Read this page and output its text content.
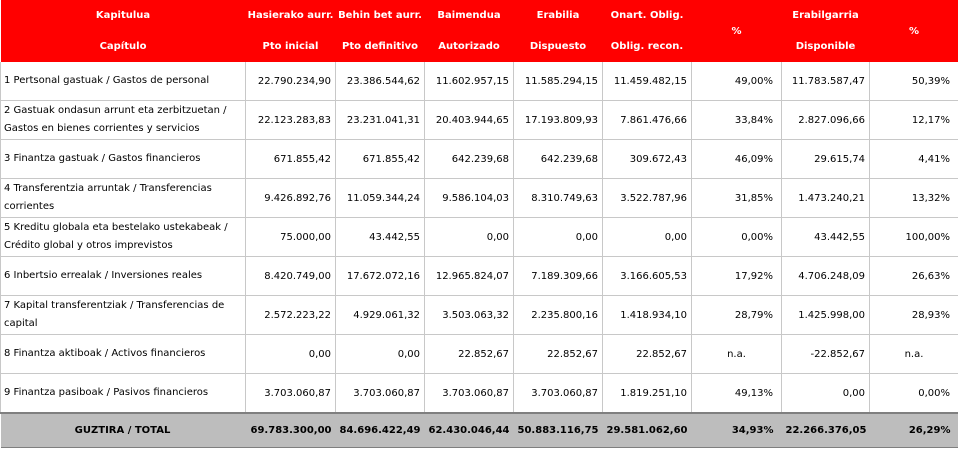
Kapitulua	Hasierako aurr.	Behin bet aurr.	Baimendua	Erabilia	Onart. Oblig.	%	Erabilgarria	%
Capítulo	Pto inicial	Pto definitivo	Autorizado	Dispuesto	Oblig. recon.		Disponible	
1 Pertsonal gastuak / Gastos de personal	22.790.234,90	23.386.544,62	11.602.957,15	11.585.294,15	11.459.482,15	49,00%	11.783.587,47	50,39%
2 Gastuak ondasun arrunt eta zerbitzuetan / Gastos en bienes corrientes y servicios	22.123.283,83	23.231.041,31	20.403.944,65	17.193.809,93	7.861.476,66	33,84%	2.827.096,66	12,17%
3 Finantza gastuak / Gastos financieros	671.855,42	671.855,42	642.239,68	642.239,68	309.672,43	46,09%	29.615,74	4,41%
4 Transferentzia arruntak / Transferencias corrientes	9.426.892,76	11.059.344,24	9.586.104,03	8.310.749,63	3.522.787,96	31,85%	1.473.240,21	13,32%
5 Kreditu globala eta bestelako ustekabeak / Crédito global y otros imprevistos	75.000,00	43.442,55	0,00	0,00	0,00	0,00%	43.442,55	100,00%
6 Inbertsio errealak / Inversiones reales	8.420.749,00	17.672.072,16	12.965.824,07	7.189.309,66	3.166.605,53	17,92%	4.706.248,09	26,63%
7 Kapital transferentziak / Transferencias de capital	2.572.223,22	4.929.061,32	3.503.063,32	2.235.800,16	1.418.934,10	28,79%	1.425.998,00	28,93%
8 Finantza aktiboak / Activos financieros	0,00	0,00	22.852,67	22.852,67	22.852,67	n.a.	-22.852,67	n.a.
9 Finantza pasiboak / Pasivos financieros	3.703.060,87	3.703.060,87	3.703.060,87	3.703.060,87	1.819.251,10	49,13%	0,00	0,00%
GUZTIRA / TOTAL	69.783.300,00	84.696.422,49	62.430.046,44	50.883.116,75	29.581.062,60	34,93%	22.266.376,05	26,29%
